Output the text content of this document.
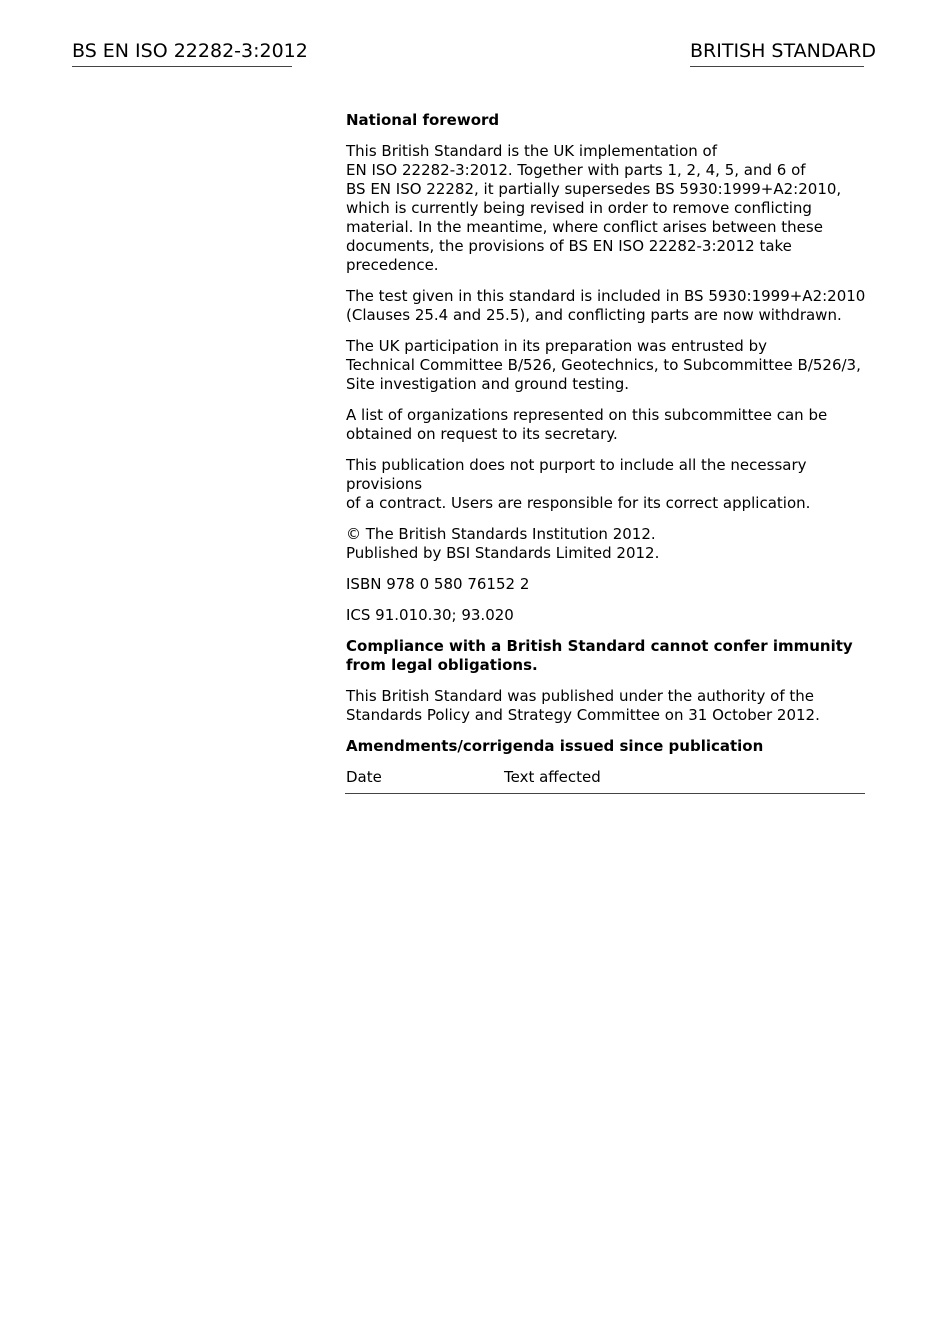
BS EN ISO 22282-3:2012	BRITISH STANDARD

National foreword

This British Standard is the UK implementation of
EN ISO 22282-3:2012. Together with parts 1, 2, 4, 5, and 6 of
BS EN ISO 22282, it partially supersedes BS 5930:1999+A2:2010,
which is currently being revised in order to remove conflicting
material. In the meantime, where conflict arises between these
documents, the provisions of BS EN ISO 22282-3:2012 take precedence.

The test given in this standard is included in BS 5930:1999+A2:2010
(Clauses 25.4 and 25.5), and conflicting parts are now withdrawn.

The UK participation in its preparation was entrusted by
Technical Committee B/526, Geotechnics, to Subcommittee B/526/3,
Site investigation and ground testing.

A list of organizations represented on this subcommittee can be
obtained on request to its secretary.

This publication does not purport to include all the necessary provisions
of a contract. Users are responsible for its correct application.

© The British Standards Institution 2012.
Published by BSI Standards Limited 2012.

ISBN 978 0 580 76152 2

ICS 91.010.30; 93.020

Compliance with a British Standard cannot confer immunity
from legal obligations.

This British Standard was published under the authority of the
Standards Policy and Strategy Committee on 31 October 2012.

Amendments/corrigenda issued since publication

Date	Text affected
